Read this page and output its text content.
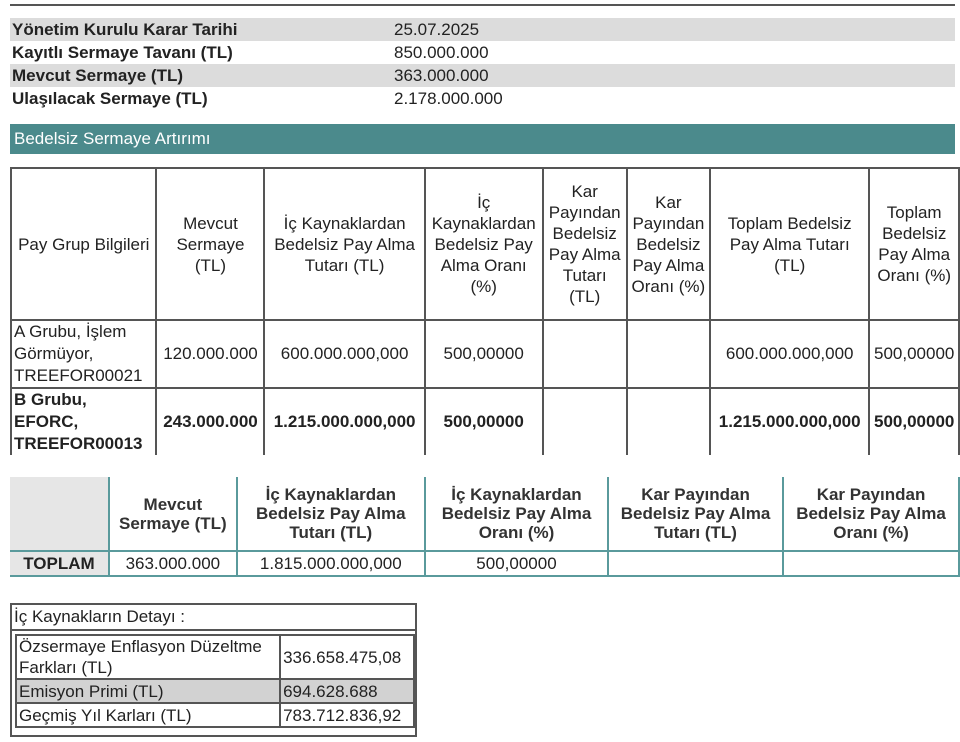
Yönetim Kurulu Karar Tarihi	25.07.2025
Kayıtlı Sermaye Tavanı (TL)	850.000.000
Mevcut Sermaye (TL)	363.000.000
Ulaşılacak Sermaye (TL)	2.178.000.000
Bedelsiz Sermaye Artırımı
Pay Grup Bilgileri	Mevcut Sermaye (TL)	İç Kaynaklardan Bedelsiz Pay Alma Tutarı (TL)	İç Kaynaklardan Bedelsiz Pay Alma Oranı (%)	Kar Payından Bedelsiz Pay Alma Tutarı (TL)	Kar Payından Bedelsiz Pay Alma Oranı (%)	Toplam Bedelsiz Pay Alma Tutarı (TL)	Toplam Bedelsiz Pay Alma Oranı (%)
A Grubu, İşlem Görmüyor, TREEFOR00021	120.000.000	600.000.000,000	500,00000			600.000.000,000	500,00000
B Grubu, EFORC, TREEFOR00013	243.000.000	1.215.000.000,000	500,00000			1.215.000.000,000	500,00000
	Mevcut Sermaye (TL)	İç Kaynaklardan Bedelsiz Pay Alma Tutarı (TL)	İç Kaynaklardan Bedelsiz Pay Alma Oranı (%)	Kar Payından Bedelsiz Pay Alma Tutarı (TL)	Kar Payından Bedelsiz Pay Alma Oranı (%)
TOPLAM	363.000.000	1.815.000.000,000	500,00000		
İç Kaynakların Detayı :
Özsermaye Enflasyon Düzeltme Farkları (TL)	336.658.475,08
Emisyon Primi (TL)	694.628.688
Geçmiş Yıl Karları (TL)	783.712.836,92
